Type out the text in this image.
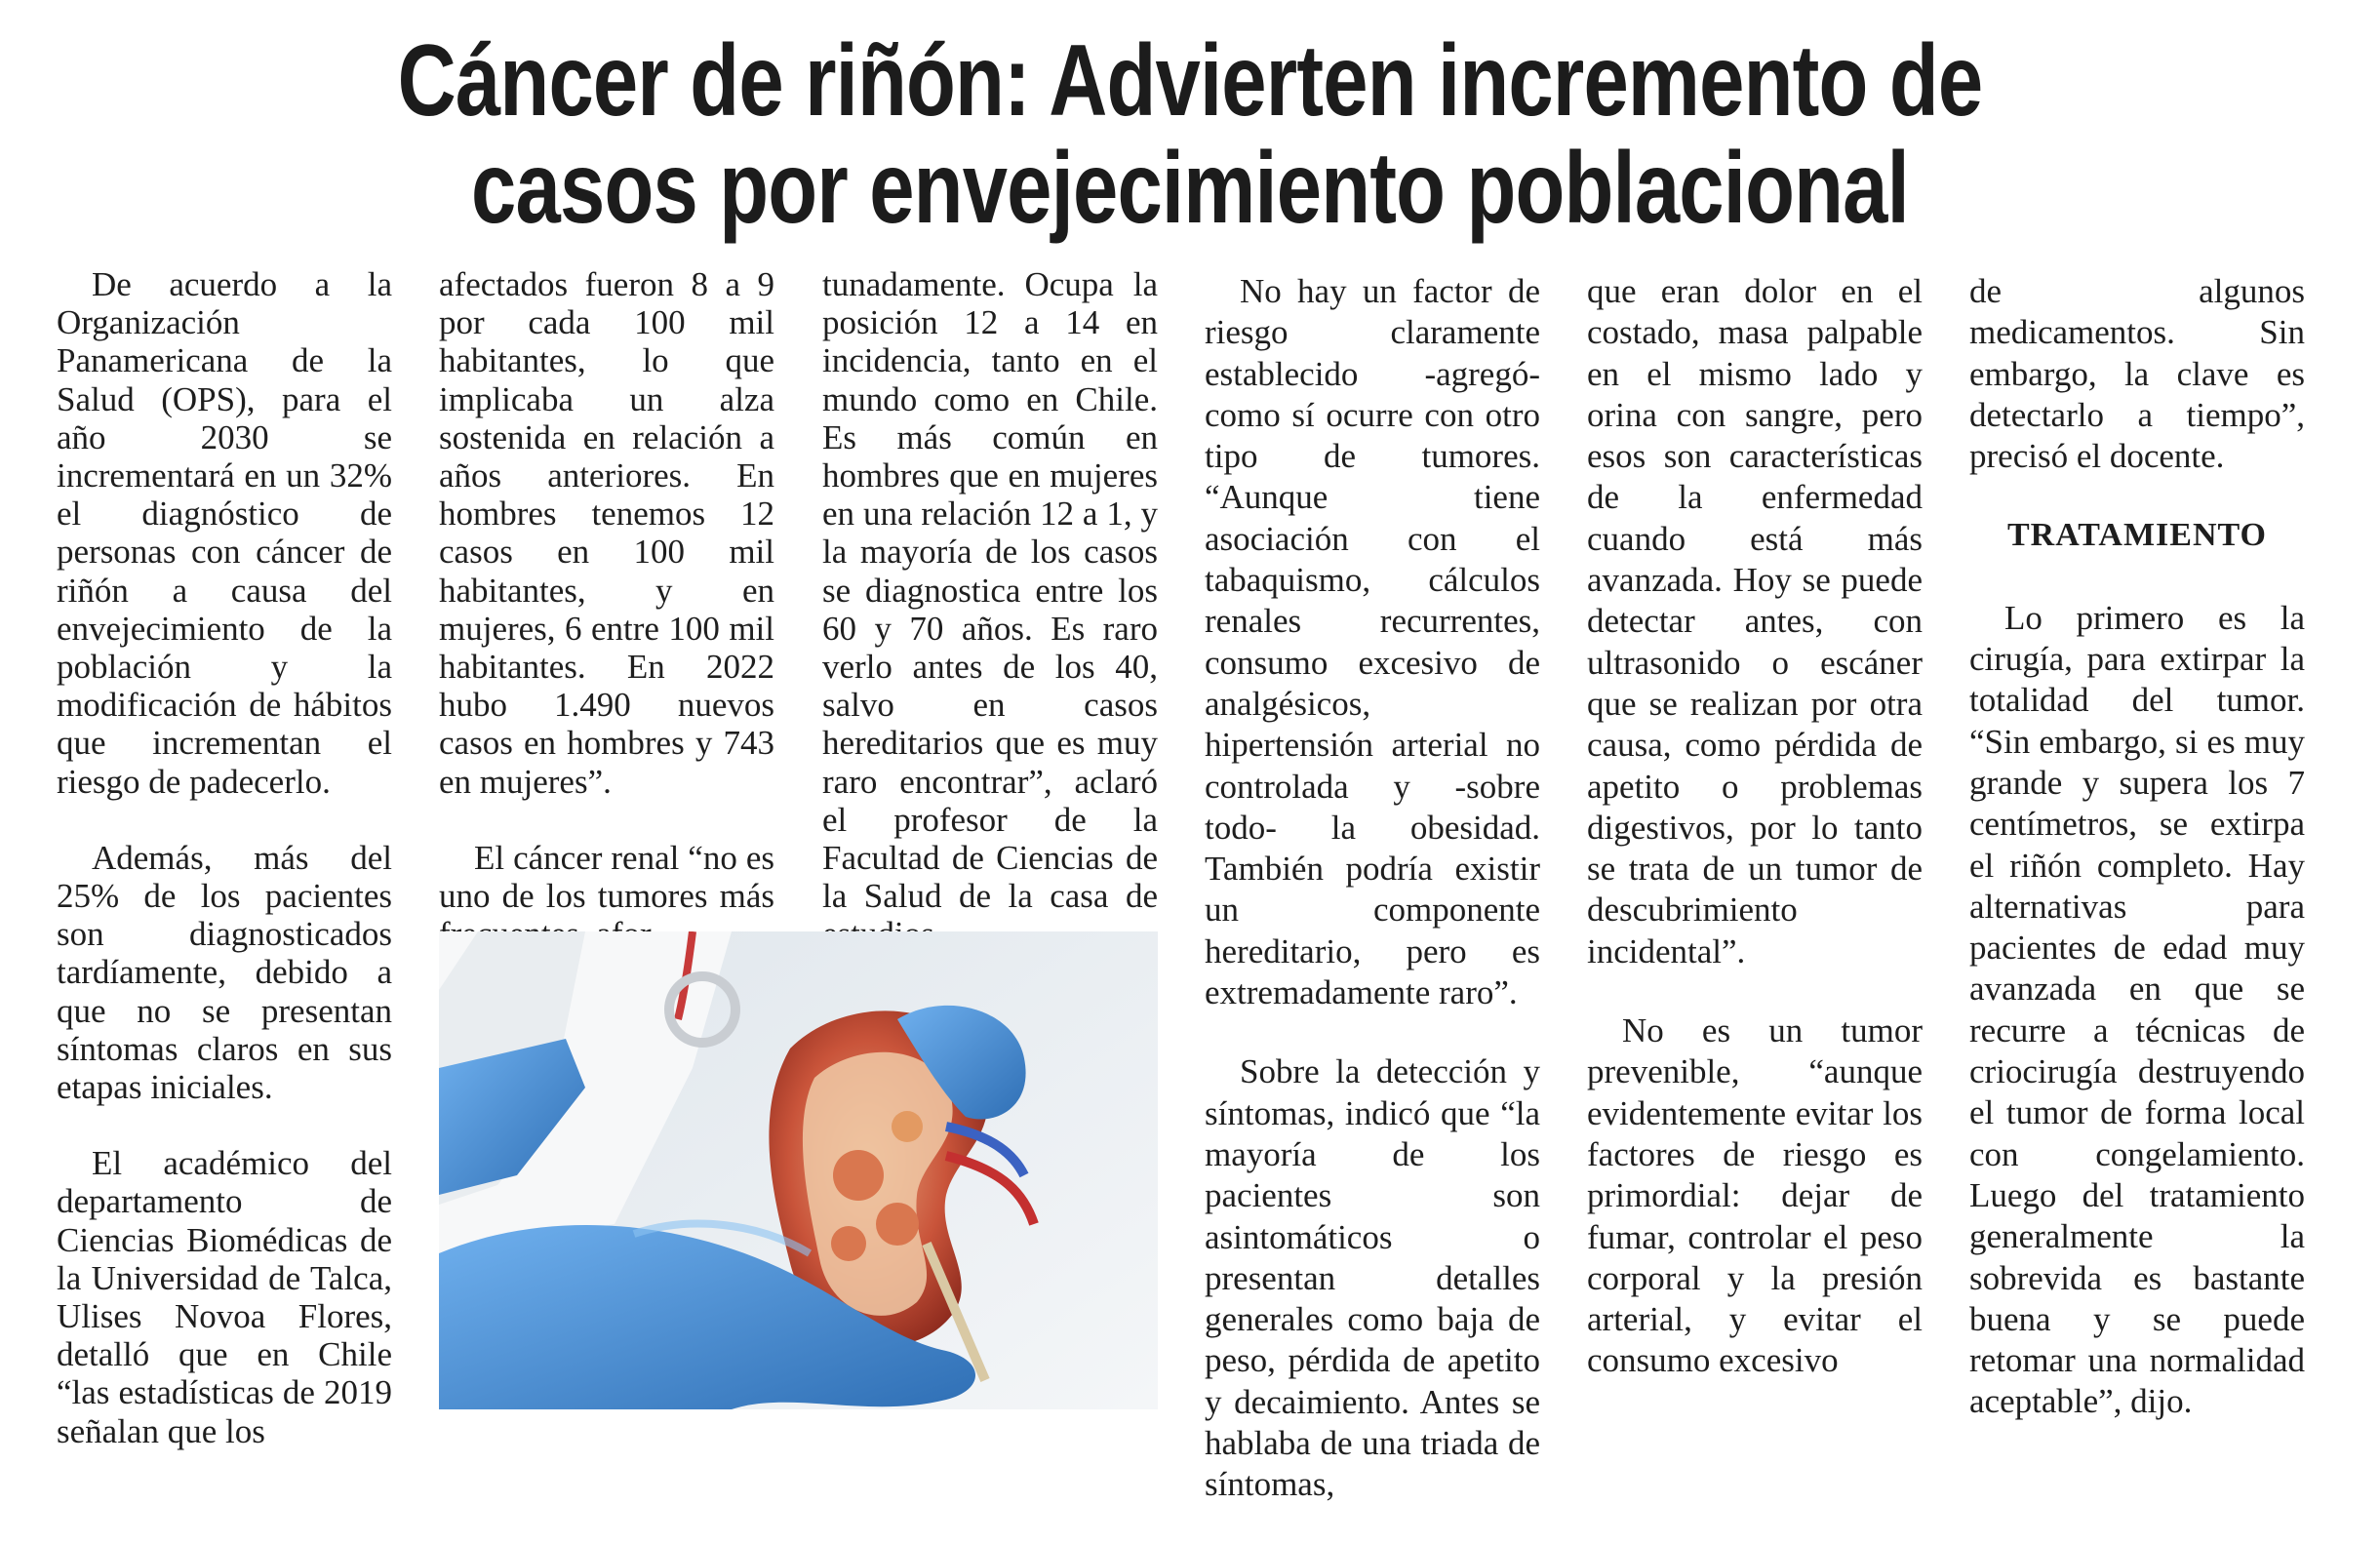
Cáncer de riñón: Advierten incremento de
casos por envejecimiento poblacional

De acuerdo a la Organización Panamericana de la Salud (OPS), para el año 2030 se incrementará en un 32% el diagnóstico de personas con cáncer de riñón a causa del envejecimiento de la población y la modificación de hábitos que incrementan el riesgo de padecerlo.

Además, más del 25% de los pacientes son diagnosticados tardíamente, debido a que no se presentan síntomas claros en sus etapas iniciales.

El académico del departamento de Ciencias Biomédicas de la Universidad de Talca, Ulises Novoa Flores, detalló que en Chile “las estadísticas de 2019 señalan que los

afectados fueron 8 a 9 por cada 100 mil habitantes, lo que implicaba un alza sostenida en relación a años anteriores. En hombres tenemos 12 casos en 100 mil habitantes, y en mujeres, 6 entre 100 mil habitantes. En 2022 hubo 1.490 nuevos casos en hombres y 743 en mujeres”.

El cáncer renal “no es uno de los tumores más

tunadamente. Ocupa la posición 12 a 14 en incidencia, tanto en el mundo como en Chile. Es más común en hombres que en mujeres en una relación 12 a 1, y la mayoría de los casos se diagnostica entre los 60 y 70 años. Es raro verlo antes de los 40, salvo en casos hereditarios que es muy raro encontrar”, aclaró el profesor de la Facultad de Ciencias de la Salud de la casa de

No hay un factor de riesgo claramente establecido -agregó- como sí ocurre con otro tipo de tumores. “Aunque tiene asociación con el tabaquismo, cálculos renales recurrentes, consumo excesivo de analgésicos, hipertensión arterial no controlada y -sobre todo- la obesidad. También podría existir un componente hereditario, pero es extremadamente raro”.

Sobre la detección y síntomas, indicó que “la mayoría de los pacientes son asintomáticos o presentan detalles generales como baja de peso, pérdida de apetito y decaimiento. Antes se hablaba de una triada de síntomas,

que eran dolor en el costado, masa palpable en el mismo lado y orina con sangre, pero esos son características de la enfermedad cuando está más avanzada. Hoy se puede detectar antes, con ultrasonido o escáner que se realizan por otra causa, como pérdida de apetito o problemas digestivos, por lo tanto se trata de un tumor de descubrimiento incidental”.

No es un tumor prevenible, “aunque evidentemente evitar los factores de riesgo es primordial: dejar de fumar, controlar el peso corporal y la presión arterial, y evitar el consumo excesivo

de algunos medicamentos. Sin embargo, la clave es detectarlo a tiempo”, precisó el docente.

TRATAMIENTO

Lo primero es la cirugía, para extirpar la totalidad del tumor. “Sin embargo, si es muy grande y supera los 7 centímetros, se extirpa el riñón completo. Hay alternativas para pacientes de edad muy avanzada en que se recurre a técnicas de criocirugía destruyendo el tumor de forma local con congelamiento. Luego del tratamiento generalmente la sobrevida es bastante buena y se puede retomar una normalidad aceptable”, dijo.
